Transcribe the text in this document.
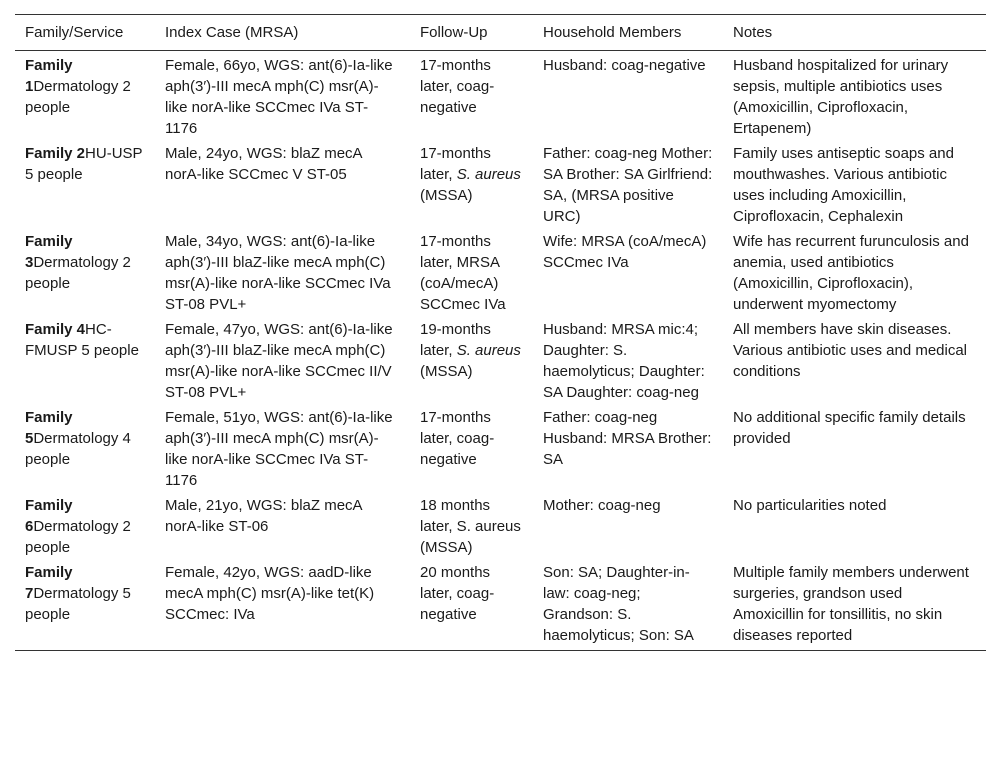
Family/Service	Index Case (MRSA)	Follow-Up	Household Members	Notes
Family 1Dermatology 2 people	Female, 66yo, WGS: ant(6)-Ia-like aph(3′)-III mecA mph(C) msr(A)-like norA-like SCCmec IVa ST-1176	17-months later, coag-negative	Husband: coag-negative	Husband hospitalized for urinary sepsis, multiple antibiotics uses (Amoxicillin, Ciprofloxacin, Ertapenem)
Family 2HU-USP 5 people	Male, 24yo, WGS: blaZ mecA norA-like SCCmec V ST-05	17-months later, S. aureus (MSSA)	Father: coag-neg Mother: SA Brother: SA Girlfriend: SA, (MRSA positive URC)	Family uses antiseptic soaps and mouthwashes. Various antibiotic uses including Amoxicillin, Ciprofloxacin, Cephalexin
Family 3Dermatology 2 people	Male, 34yo, WGS: ant(6)-Ia-like aph(3′)-III blaZ-like mecA mph(C) msr(A)-like norA-like SCCmec IVa ST-08 PVL+	17-months later, MRSA (coA/mecA) SCCmec IVa	Wife: MRSA (coA/mecA) SCCmec IVa	Wife has recurrent furunculosis and anemia, used antibiotics (Amoxicillin, Ciprofloxacin), underwent myomectomy
Family 4HC-FMUSP 5 people	Female, 47yo, WGS: ant(6)-Ia-like aph(3′)-III blaZ-like mecA mph(C) msr(A)-like norA-like SCCmec II/V ST-08 PVL+	19-months later, S. aureus (MSSA)	Husband: MRSA mic:4; Daughter: S. haemolyticus; Daughter: SA Daughter: coag-neg	All members have skin diseases. Various antibiotic uses and medical conditions
Family 5Dermatology 4 people	Female, 51yo, WGS: ant(6)-Ia-like aph(3′)-III mecA mph(C) msr(A)-like norA-like SCCmec IVa ST-1176	17-months later, coag-negative	Father: coag-neg Husband: MRSA Brother: SA	No additional specific family details provided
Family 6Dermatology 2 people	Male, 21yo, WGS: blaZ mecA norA-like ST-06	18 months later, S. aureus (MSSA)	Mother: coag-neg	No particularities noted
Family 7Dermatology 5 people	Female, 42yo, WGS: aadD-like mecA mph(C) msr(A)-like tet(K) SCCmec: IVa	20 months later, coag-negative	Son: SA; Daughter-in-law: coag-neg; Grandson: S. haemolyticus; Son: SA	Multiple family members underwent surgeries, grandson used Amoxicillin for tonsillitis, no skin diseases reported
